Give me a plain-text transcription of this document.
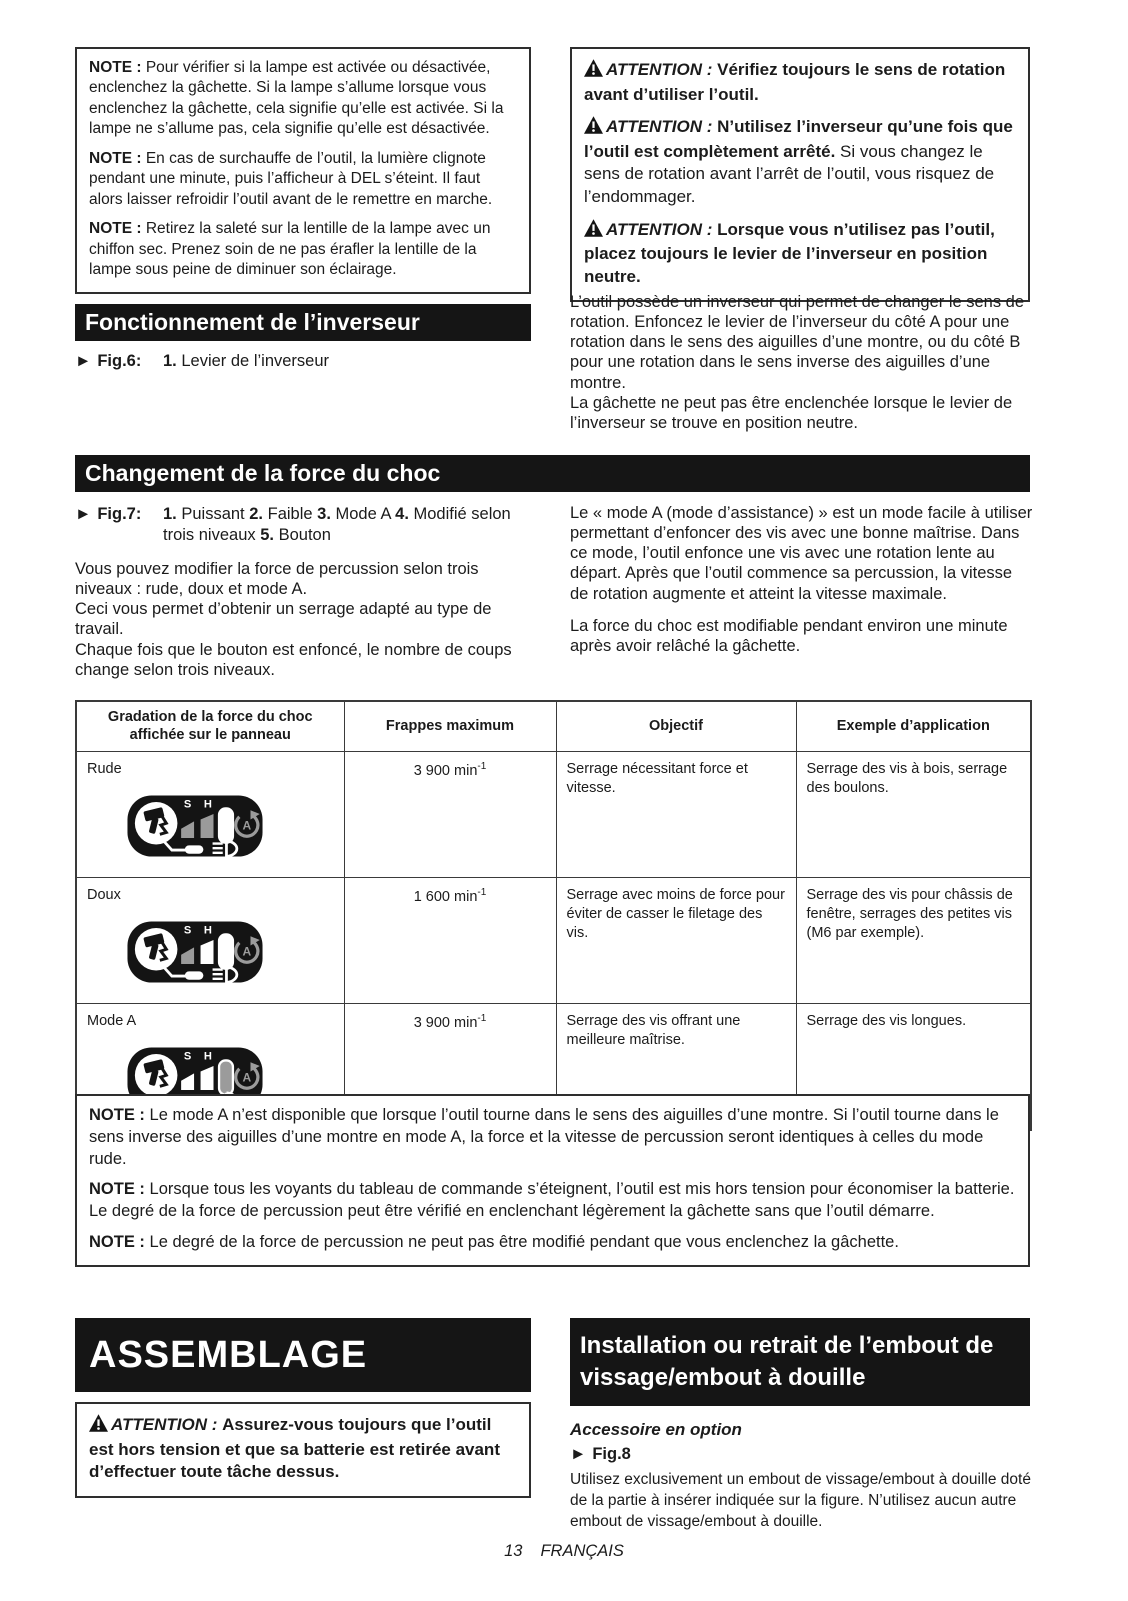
NOTE : Pour vérifier si la lampe est activée ou désactivée, enclenchez la gâchette. Si la lampe s’allume lorsque vous enclenchez la gâchette, cela signifie qu’elle est activée. Si la lampe ne s’allume pas, cela signifie qu’elle est désactivée.

NOTE : En cas de surchauffe de l’outil, la lumière clignote pendant une minute, puis l’afficheur à DEL s’éteint. Il faut alors laisser refroidir l’outil avant de le remettre en marche.

NOTE : Retirez la saleté sur la lentille de la lampe avec un chiffon sec. Prenez soin de ne pas érafler la lentille de la lampe sous peine de diminuer son éclairage.

ATTENTION : Vérifiez toujours le sens de rotation avant d’utiliser l’outil.

ATTENTION : N’utilisez l’inverseur qu’une fois que l’outil est complètement arrêté. Si vous changez le sens de rotation avant l’arrêt de l’outil, vous risquez de l’endommager.

ATTENTION : Lorsque vous n’utilisez pas l’outil, placez toujours le levier de l’inverseur en position neutre.

Fonctionnement de l’inverseur
► Fig.6:	1. Levier de l’inverseur
L’outil possède un inverseur qui permet de changer le sens de rotation. Enfoncez le levier de l’inverseur du côté A pour une rotation dans le sens des aiguilles d’une montre, ou du côté B pour une rotation dans le sens inverse des aiguilles d’une montre.
La gâchette ne peut pas être enclenchée lorsque le levier de l’inverseur se trouve en position neutre.
Changement de la force du choc
► Fig.7:	1. Puissant 2. Faible 3. Mode A 4. Modifié selon trois niveaux 5. Bouton
Vous pouvez modifier la force de percussion selon trois niveaux : rude, doux et mode A.
Ceci vous permet d’obtenir un serrage adapté au type de travail.
Chaque fois que le bouton est enfoncé, le nombre de coups change selon trois niveaux.
Le « mode A (mode d’assistance) » est un mode facile à utiliser permettant d’enfoncer des vis avec une bonne maîtrise. Dans ce mode, l’outil enfonce une vis avec une rotation lente au départ. Après que l’outil commence sa percussion, la vitesse de rotation augmente et atteint la vitesse maximale.
La force du choc est modifiable pendant environ une minute après avoir relâché la gâchette.
Gradation de la force du choc affichée sur le panneau	Frappes maximum	Objectif	Exemple d’application

Rude
S H
A	3 900 $\min^{-1}$	Serrage nécessitant force et vitesse.	Serrage des vis à bois, serrage des boulons.

Doux
S H
A	1 600 $\min^{-1}$	Serrage avec moins de force pour éviter de casser le filetage des vis.	Serrage des vis pour châssis de fenêtre, serrages des petites vis (M6 par exemple).

Mode A
S H
A	3 900 $\min^{-1}$	Serrage des vis offrant une meilleure maîtrise.	Serrage des vis longues.

NOTE : Le mode A n’est disponible que lorsque l’outil tourne dans le sens des aiguilles d’une montre. Si l’outil tourne dans le sens inverse des aiguilles d’une montre en mode A, la force et la vitesse de percussion seront identiques à celles du mode rude.

NOTE : Lorsque tous les voyants du tableau de commande s’éteignent, l’outil est mis hors tension pour économiser la batterie. Le degré de la force de percussion peut être vérifié en enclenchant légèrement la gâchette sans que l’outil démarre.

NOTE : Le degré de la force de percussion ne peut pas être modifié pendant que vous enclenchez la gâchette.

ASSEMBLAGE

ATTENTION : Assurez-vous toujours que l’outil est hors tension et que sa batterie est retirée avant d’effectuer toute tâche dessus.

Installation ou retrait de l’embout de vissage/embout à douille
Accessoire en option
► Fig.8
Utilisez exclusivement un embout de vissage/embout à douille doté de la partie à insérer indiquée sur la figure. N’utilisez aucun autre embout de vissage/embout à douille.
13 FRANÇAIS
